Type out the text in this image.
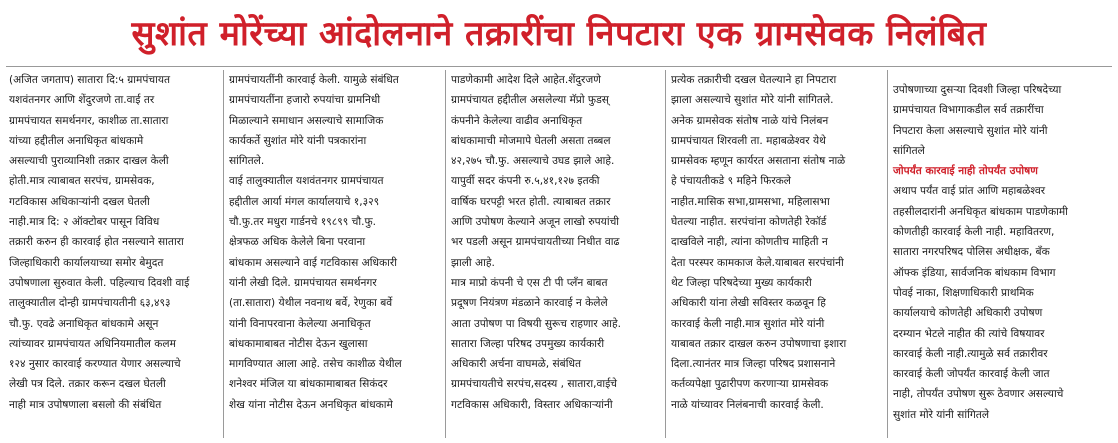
सुशांत मोरेंच्या आंदोलनाने तक्रारींचा निपटारा एक ग्रामसेवक निलंबित
(अजित जगताप) सातारा दि:५ ग्रामपंचायत
यशवंतनगर आणि शेंदुरजणे ता.वाई तर
ग्रामपंचायत समर्थनगर, काशीळ ता.सातारा
यांच्या हद्दीतील अनाधिकृत बांधकामे
असल्याची पुराव्यानिशी तक्रार दाखल केली
होती.मात्र त्याबाबत सरपंच, ग्रामसेवक,
गटविकास अधिकाऱ्यांनी दखल घेतली
नाही.मात्र दि: २ ऑक्टोबर पासून विविध
तक्रारी करुन ही कारवाई होत नसल्याने सातारा
जिल्हाधिकारी कार्यालयाच्या समोर बेमुदत
उपोषणाला सुरुवात केली. पहिल्याच दिवशी वाई
तालुक्यातील दोन्ही ग्रामपंचायतीनी ६३,४९३
चौ.फु. एवढे अनाधिकृत बांधकामे असून
त्यांच्यावर ग्रामपंचायत अधिनियमातील कलम
१२४ नुसार कारवाई करण्यात येणार असल्याचे
लेखी पत्र दिले. तक्रार करून दखल घेतली
नाही मात्र उपोषणाला बसलो की संबंधित
ग्रामपंचायतींनी कारवाई केली. यामुळे संबंधित
ग्रामपंचायतींना हजारो रुपयांचा ग्रामनिधी
मिळाल्याने समाधान असल्याचे सामाजिक
कार्यकर्ते सुशांत मोरे यांनी पत्रकारांना
सांगितले.
वाई तालुक्यातील यशवंतनगर ग्रामपंचायत
हद्दीतील आर्या मंगल कार्यालयाचे १,३२९
चौ.फु.तर मधुरा गार्डनचे १९८९९ चौ.फु.
क्षेत्रफळ अधिक केलेले बिना परवाना
बांधकाम असल्याने वाई गटविकास अधिकारी
यांनी लेखी दिले. ग्रामपंचायत समर्थनगर
(ता.सातारा) येथील नवनाथ बर्वे, रेणुका बर्वे
यांनी विनापरवाना केलेल्या अनाधिकृत
बांधकामाबाबत नोटीस देऊन खुलासा
मागविण्यात आला आहे. तसेच काशीळ येथील
शनेश्वर मंजिल या बांधकामाबाबत सिकंदर
शेख यांना नोटीस देऊन अनधिकृत बांधकामे
पाडणेकामी आदेश दिले आहेत.शेंदुरजणे
ग्रामपंचायत हद्दीतील असलेल्या मॅप्रो फुडस्
कंपनीने केलेल्या वाढीव अनाधिकृत
बांधकामाची मोजमापे घेतली असता तब्बल
४२,२७५ चौ.फु. असल्याचे उघड झाले आहे.
यापुर्वी सदर कंपनी रु.५,४१,१२७ इतकी
वार्षिक घरपट्टी भरत होती. त्याबाबत तक्रार
आणि उपोषण केल्याने अजून लाखो रुपयांची
भर पडली असून ग्रामपंचायतीच्या निधीत वाढ
झाली आहे.
मात्र माप्रो कंपनी चे एस टी पी प्लँन बाबत
प्रदूषण नियंत्रण मंडळाने कारवाई न केलेले
आता उपोषण पा विषयी सुरूच राहणार आहे.
सातारा जिल्हा परिषद उपमुख्य कार्यकारी
अधिकारी अर्चना वाघमळे, संबंधित
ग्रामपंचायतीचे सरपंच,सदस्य , सातारा,वाईचे
गटविकास अधिकारी, विस्तार अधिकाऱ्यांनी
प्रत्येक तक्रारीची दखल घेतल्याने हा निपटारा
झाला असल्याचे सुशांत मोरे यांनी सांगितले.
अनेक ग्रामसेवक संतोष नाळे यांचे निलंबन
ग्रामपंचायत शिरवली ता. महाबळेश्वर येथे
ग्रामसेवक म्हणून कार्यरत असताना संतोष नाळे
हे पंचायतीकडे ९ महिने फिरकले
नाहीत.मासिक सभा,ग्रामसभा, महिलासभा
घेतल्या नाहीत. सरपंचांना कोणतेही रेकॉर्ड
दाखविले नाही, त्यांना कोणतीच माहिती न
देता परस्पर कामकाज केले.याबाबत सरपंचांनी
थेट जिल्हा परिषदेच्या मुख्य कार्यकारी
अधिकारी यांना लेखी सविस्तर कळवून हि
कारवाई केली नाही.मात्र सुशांत मोरे यांनी
याबाबत तक्रार दाखल करुन उपोषणाचा इशारा
दिला.त्यानंतर मात्र जिल्हा परिषद प्रशासनाने
कर्तव्यपेक्षा पुढारीपण करणाऱ्या ग्रामसेवक
नाळे यांच्यावर निलंबनाची कारवाई केली.
उपोषणाच्या दुसऱ्या दिवशी जिल्हा परिषदेच्या
ग्रामपंचायत विभागाकडील सर्व तक्रारींचा
निपटारा केला असल्याचे सुशांत मोरे यांनी
सांगितले
जोपर्यंत कारवाई नाही तोपर्यंत उपोषण
अथाप पर्यंत वाई प्रांत आणि महाबळेश्वर
तहसीलदारांनी अनधिकृत बांधकाम पाडणेकामी
कोणतीही कारवाई केली नाही. महावितरण,
सातारा नगरपरिषद पोलिस अधीक्षक, बँक
ऑफ्क इंडिया, सार्वजनिक बांधकाम विभाग
पोवई नाका, शिक्षणाधिकारी प्राथमिक
कार्यालयाचे कोणतेही अधिकारी उपोषण
दरम्यान भेटले नाहीत की त्यांचे विषयावर
कारवाई केली नाही.त्यामुळे सर्व तक्रारीवर
कारवाई केली जोपर्यंत कारवाई केली जात
नाही, तोपर्यंत उपोषण सुरू ठेवणार असल्याचे
सुशांत मोरे यांनी सांगितले
